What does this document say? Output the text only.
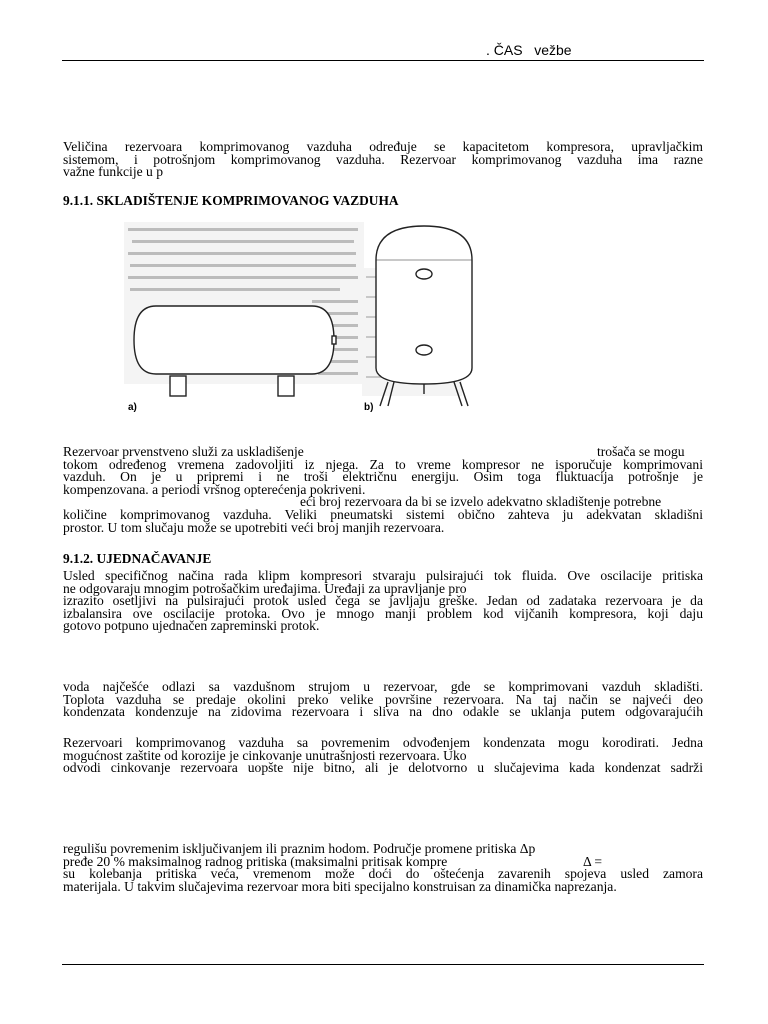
. ČAS   vežbe
Veličina rezervoara komprimovanog vazduha određuje se kapacitetom kompresora, upravljačkim
sistemom, i potrošnjom komprimovanog vazduha. Rezervoar komprimovanog vazduha ima razne
važne funkcije u p
9.1.1. SKLADIŠTENJE KOMPRIMOVANOG VAZDUHA
a)	b)
Rezervoar prvenstveno služi za uskladišenje	trošača se mogu
tokom određenog vremena zadovoljiti iz njega. Za to vreme kompresor ne isporučuje komprimovani
vazduh. On je u pripremi i ne troši električnu energiju. Osim toga fluktuacija potrošnje je
kompenzovana. a periodi vršnog opterećenja pokriveni.
eći broj rezervoara da bi se izvelo adekvatno skladištenje potrebne
količine komprimovanog vazduha. Veliki pneumatski sistemi obično zahteva ju adekvatan skladišni
prostor. U tom slučaju može se upotrebiti veći broj manjih rezervoara.
9.1.2. UJEDNAČAVANJE
Usled specifičnog načina rada klipm kompresori stvaraju pulsirajući tok fluida. Ove oscilacije pritiska
ne odgovaraju mnogim potrošačkim uređajima. Uređaji za upravljanje pro
izrazito osetljivi na pulsirajući protok usled čega se javljaju greške. Jedan od zadataka rezervoara je da
izbalansira ove oscilacije protoka. Ovo je mnogo manji problem kod vijčanih kompresora, koji daju
gotovo potpuno ujednačen zapreminski protok.
voda najčešće odlazi sa vazdušnom strujom u rezervoar, gde se komprimovani vazduh skladišti.
Toplota vazduha se predaje okolini preko velike površine rezervoara. Na taj način se najveći deo
kondenzata kondenzuje na zidovima rezervoara i sliva na dno odakle se uklanja putem odgovarajućih
Rezervoari komprimovanog vazduha sa povremenim odvođenjem kondenzata mogu korodirati. Jedna
mogućnost zaštite od korozije je cinkovanje unutrašnjosti rezervoara. Uko
odvodi cinkovanje rezervoara uopšte nije bitno, ali je delotvorno u slučajevima kada kondenzat sadrži
regulišu povremenim isključivanjem ili praznim hodom. Područje promene pritiska Δp
pređe 20 % maksimalnog radnog pritiska (maksimalni pritisak kompre	Δ =
su kolebanja pritiska veća, vremenom može doći do oštećenja zavarenih spojeva usled zamora
materijala. U takvim slučajevima rezervoar mora biti specijalno konstruisan za dinamička naprezanja.
